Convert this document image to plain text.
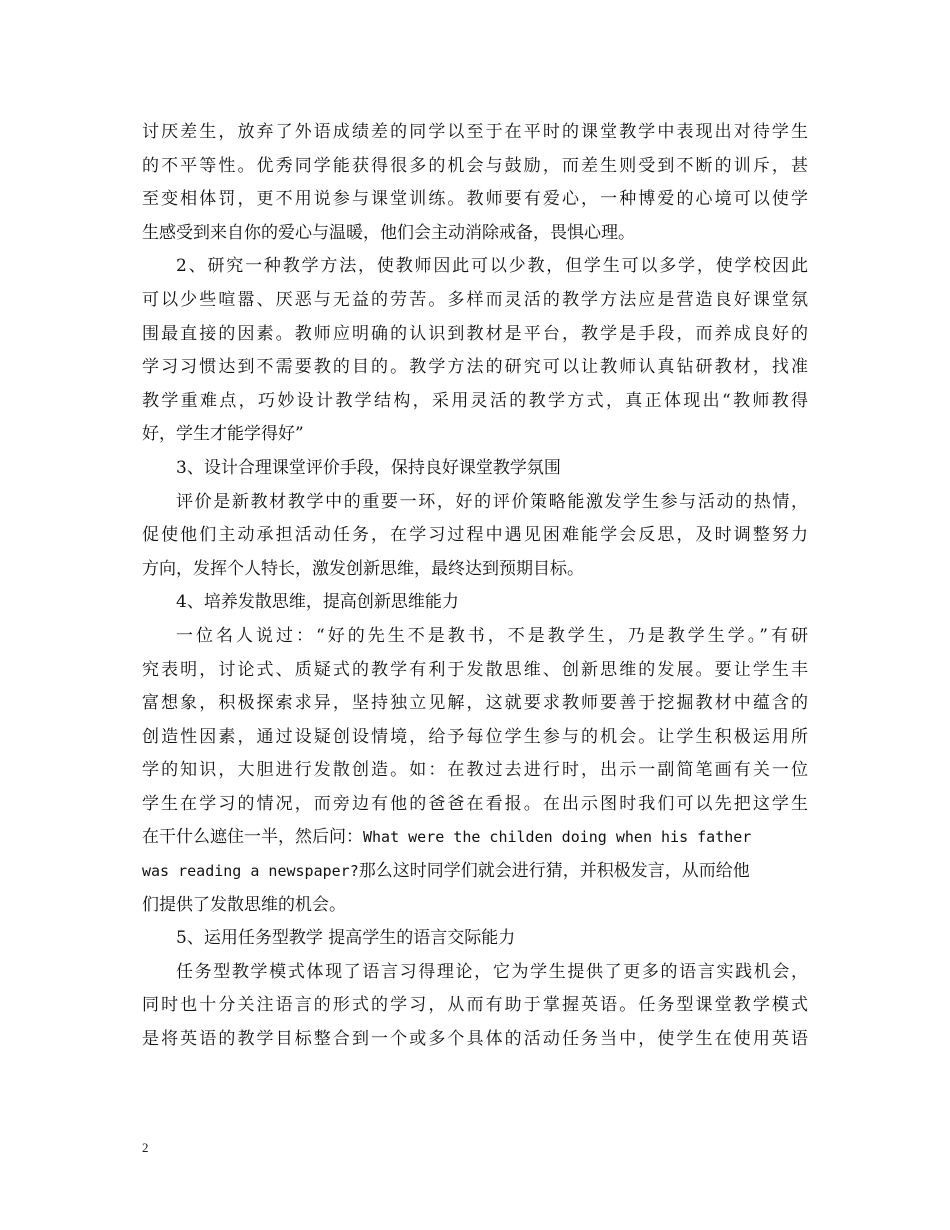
讨厌差生，放弃了外语成绩差的同学以至于在平时的课堂教学中表现出对待学生
的不平等性。优秀同学能获得很多的机会与鼓励，而差生则受到不断的训斥，甚
至变相体罚，更不用说参与课堂训练。教师要有爱心，一种博爱的心境可以使学
生感受到来自你的爱心与温暖，他们会主动消除戒备，畏惧心理。
2、研究一种教学方法，使教师因此可以少教，但学生可以多学，使学校因此
可以少些喧嚣、厌恶与无益的劳苦。多样而灵活的教学方法应是营造良好课堂氛
围最直接的因素。教师应明确的认识到教材是平台，教学是手段，而养成良好的
学习习惯达到不需要教的目的。教学方法的研究可以让教师认真钻研教材，找准
教学重难点，巧妙设计教学结构，采用灵活的教学方式，真正体现出“教师教得
好，学生才能学得好”
3、设计合理课堂评价手段，保持良好课堂教学氛围
评价是新教材教学中的重要一环，好的评价策略能激发学生参与活动的热情，
促使他们主动承担活动任务，在学习过程中遇见困难能学会反思，及时调整努力
方向，发挥个人特长，激发创新思维，最终达到预期目标。
4、培养发散思维，提高创新思维能力
一位名人说过：“好的先生不是教书，不是教学生，乃是教学生学。”有研
究表明，讨论式、质疑式的教学有利于发散思维、创新思维的发展。要让学生丰
富想象，积极探索求异，坚持独立见解，这就要求教师要善于挖掘教材中蕴含的
创造性因素，通过设疑创设情境，给予每位学生参与的机会。让学生积极运用所
学的知识，大胆进行发散创造。如：在教过去进行时，出示一副简笔画有关一位
学生在学习的情况，而旁边有他的爸爸在看报。在出示图时我们可以先把这学生
在干什么遮住一半，然后问：What were the childen doing when his father
was reading a newspaper?那么这时同学们就会进行猜，并积极发言，从而给他
们提供了发散思维的机会。
5、运用任务型教学 提高学生的语言交际能力
任务型教学模式体现了语言习得理论，它为学生提供了更多的语言实践机会，
同时也十分关注语言的形式的学习，从而有助于掌握英语。任务型课堂教学模式
是将英语的教学目标整合到一个或多个具体的活动任务当中，使学生在使用英语
2
